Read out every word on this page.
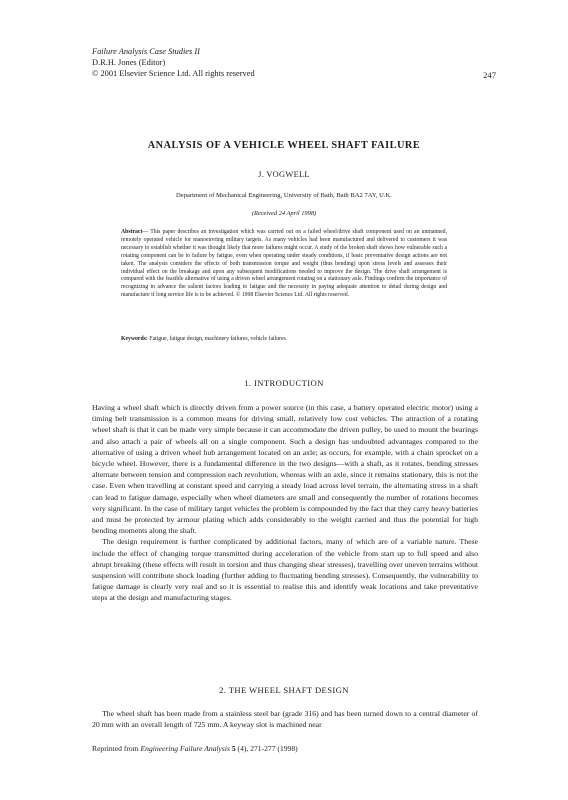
Failure Analysis Case Studies II
D.R.H. Jones (Editor)
© 2001 Elsevier Science Ltd. All rights reserved	247
ANALYSIS OF A VEHICLE WHEEL SHAFT FAILURE
J. VOGWELL
Department of Mechanical Engineering, University of Bath, Bath BA2 7AY, U.K.
(Received 24 April 1998)
Abstract— This paper describes an investigation which was carried out on a failed wheel/drive shaft component used on an unmanned, remotely operated vehicle for manoeuvring military targets. As many vehicles had been manufactured and delivered to customers it was necessary to establish whether it was thought likely that more failures might occur. A study of the broken shaft shows how vulnerable such a rotating component can be to failure by fatigue, even when operating under steady conditions, if basic preventative design actions are not taken. The analysis considers the effects of both transmission torque and weight (thus bending) upon stress levels and assesses their individual effect on the breakage and upon any subsequent modifications needed to improve the design. The drive shaft arrangement is compared with the feasible alternative of using a driven wheel arrangement rotating on a stationary axle. Findings confirm the importance of recognizing in advance the salient factors leading to fatigue and the necessity in paying adequate attention to detail during design and manufacture if long service life is to be achieved. © 1998 Elsevier Science Ltd. All rights reserved.
Keywords: Fatigue, fatigue design, machinery failures, vehicle failures.
1. INTRODUCTION

Having a wheel shaft which is directly driven from a power source (in this case, a battery operated electric motor) using a timing belt transmission is a common means for driving small, relatively low cost vehicles. The attraction of a rotating wheel shaft is that it can be made very simple because it can accommodate the driven pulley, be used to mount the bearings and also attach a pair of wheels all on a single component. Such a design has undoubted advantages compared to the alternative of using a driven wheel hub arrangement located on an axle; as occurs, for example, with a chain sprocket on a bicycle wheel. However, there is a fundamental difference in the two designs—with a shaft, as it rotates, bending stresses alternate between tension and compression each revolution, whereas with an axle, since it remains stationary, this is not the case. Even when travelling at constant speed and carrying a steady load across level terrain, the alternating stress in a shaft can lead to fatigue damage, especially when wheel diameters are small and consequently the number of rotations becomes very significant. In the case of military target vehicles the problem is compounded by the fact that they carry heavy batteries and must be protected by armour plating which adds considerably to the weight carried and thus the potential for high bending moments along the shaft.

The design requirement is further complicated by additional factors, many of which are of a variable nature. These include the effect of changing torque transmitted during acceleration of the vehicle from start up to full speed and also abrupt breaking (these effects will result in torsion and thus changing shear stresses), travelling over uneven terrains without suspension will contribute shock loading (further adding to fluctuating bending stresses). Consequently, the vulnerability to fatigue damage is clearly very real and so it is essential to realise this and identify weak locations and take preventative steps at the design and manufacturing stages.

2. THE WHEEL SHAFT DESIGN

The wheel shaft has been made from a stainless steel bar (grade 316) and has been turned down to a central diameter of 20 mm with an overall length of 725 mm. A keyway slot is machined near

Reprinted from Engineering Failure Analysis 5 (4), 271-277 (1998)
